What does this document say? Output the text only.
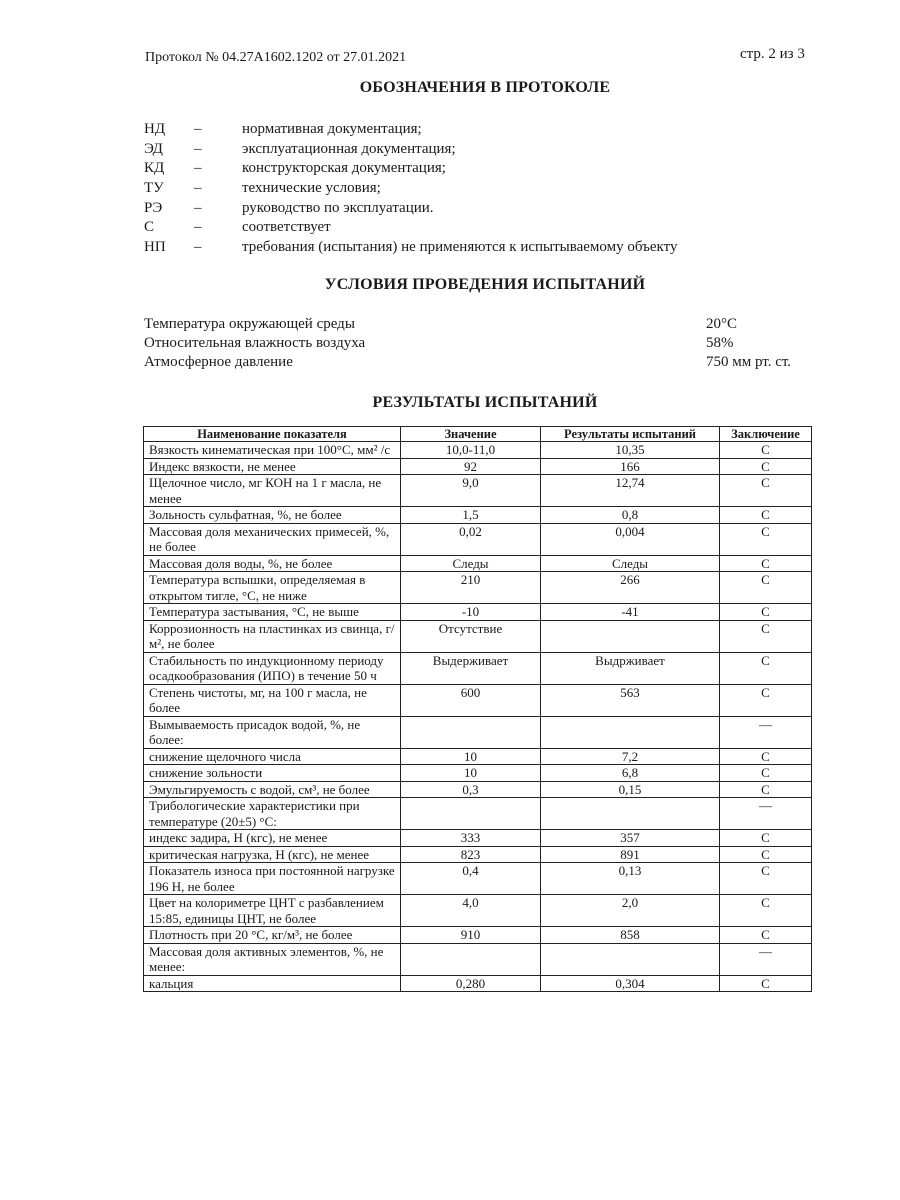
Протокол № 04.27А1602.1202 от 27.01.2021	стр. 2 из 3
ОБОЗНАЧЕНИЯ В ПРОТОКОЛЕ
НД	–	нормативная документация;
ЭД	–	эксплуатационная документация;
КД	–	конструкторская документация;
ТУ	–	технические условия;
РЭ	–	руководство по эксплуатации.
С	–	соответствует
НП	–	требования (испытания) не применяются к испытываемому объекту
УСЛОВИЯ ПРОВЕДЕНИЯ ИСПЫТАНИЙ
Температура окружающей среды	20°С
Относительная влажность воздуха	58%
Атмосферное давление	750 мм рт. ст.
РЕЗУЛЬТАТЫ ИСПЫТАНИЙ
Наименование показателя	Значение	Результаты испытаний	Заключение
Вязкость кинематическая при 100°С, мм² /с	10,0-11,0	10,35	С
Индекс вязкости, не менее	92	166	С
Щелочное число, мг КОН на 1 г масла, не менее	9,0	12,74	С
Зольность сульфатная, %, не более	1,5	0,8	С
Массовая доля механических примесей, %, не более	0,02	0,004	С
Массовая доля воды, %, не более	Следы	Следы	С
Температура вспышки, определяемая в открытом тигле, °С, не ниже	210	266	С
Температура застывания, °С, не выше	-10	-41	С
Коррозионность на пластинках из свинца, г/м², не более	Отсутствие		С
Стабильность по индукционному периоду осадкообразования (ИПО) в течение 50 ч	Выдерживает	Выдрживает	С
Степень чистоты, мг, на 100 г масла, не более	600	563	С
Вымываемость присадок водой, %, не более:			—
снижение щелочного числа	10	7,2	С
снижение зольности	10	6,8	С
Эмульгируемость с водой, см³, не более	0,3	0,15	С
Трибологические характеристики при температуре (20±5) °С:			—
индекс задира, Н (кгс), не менее	333	357	С
критическая нагрузка, Н (кгс), не менее	823	891	С
Показатель износа при постоянной нагрузке 196 Н, не более	0,4	0,13	С
Цвет на колориметре ЦНТ с разбавлением 15:85, единицы ЦНТ, не более	4,0	2,0	С
Плотность при 20 °С, кг/м³, не более	910	858	С
Массовая доля активных элементов, %, не менее:			—
кальция	0,280	0,304	С
